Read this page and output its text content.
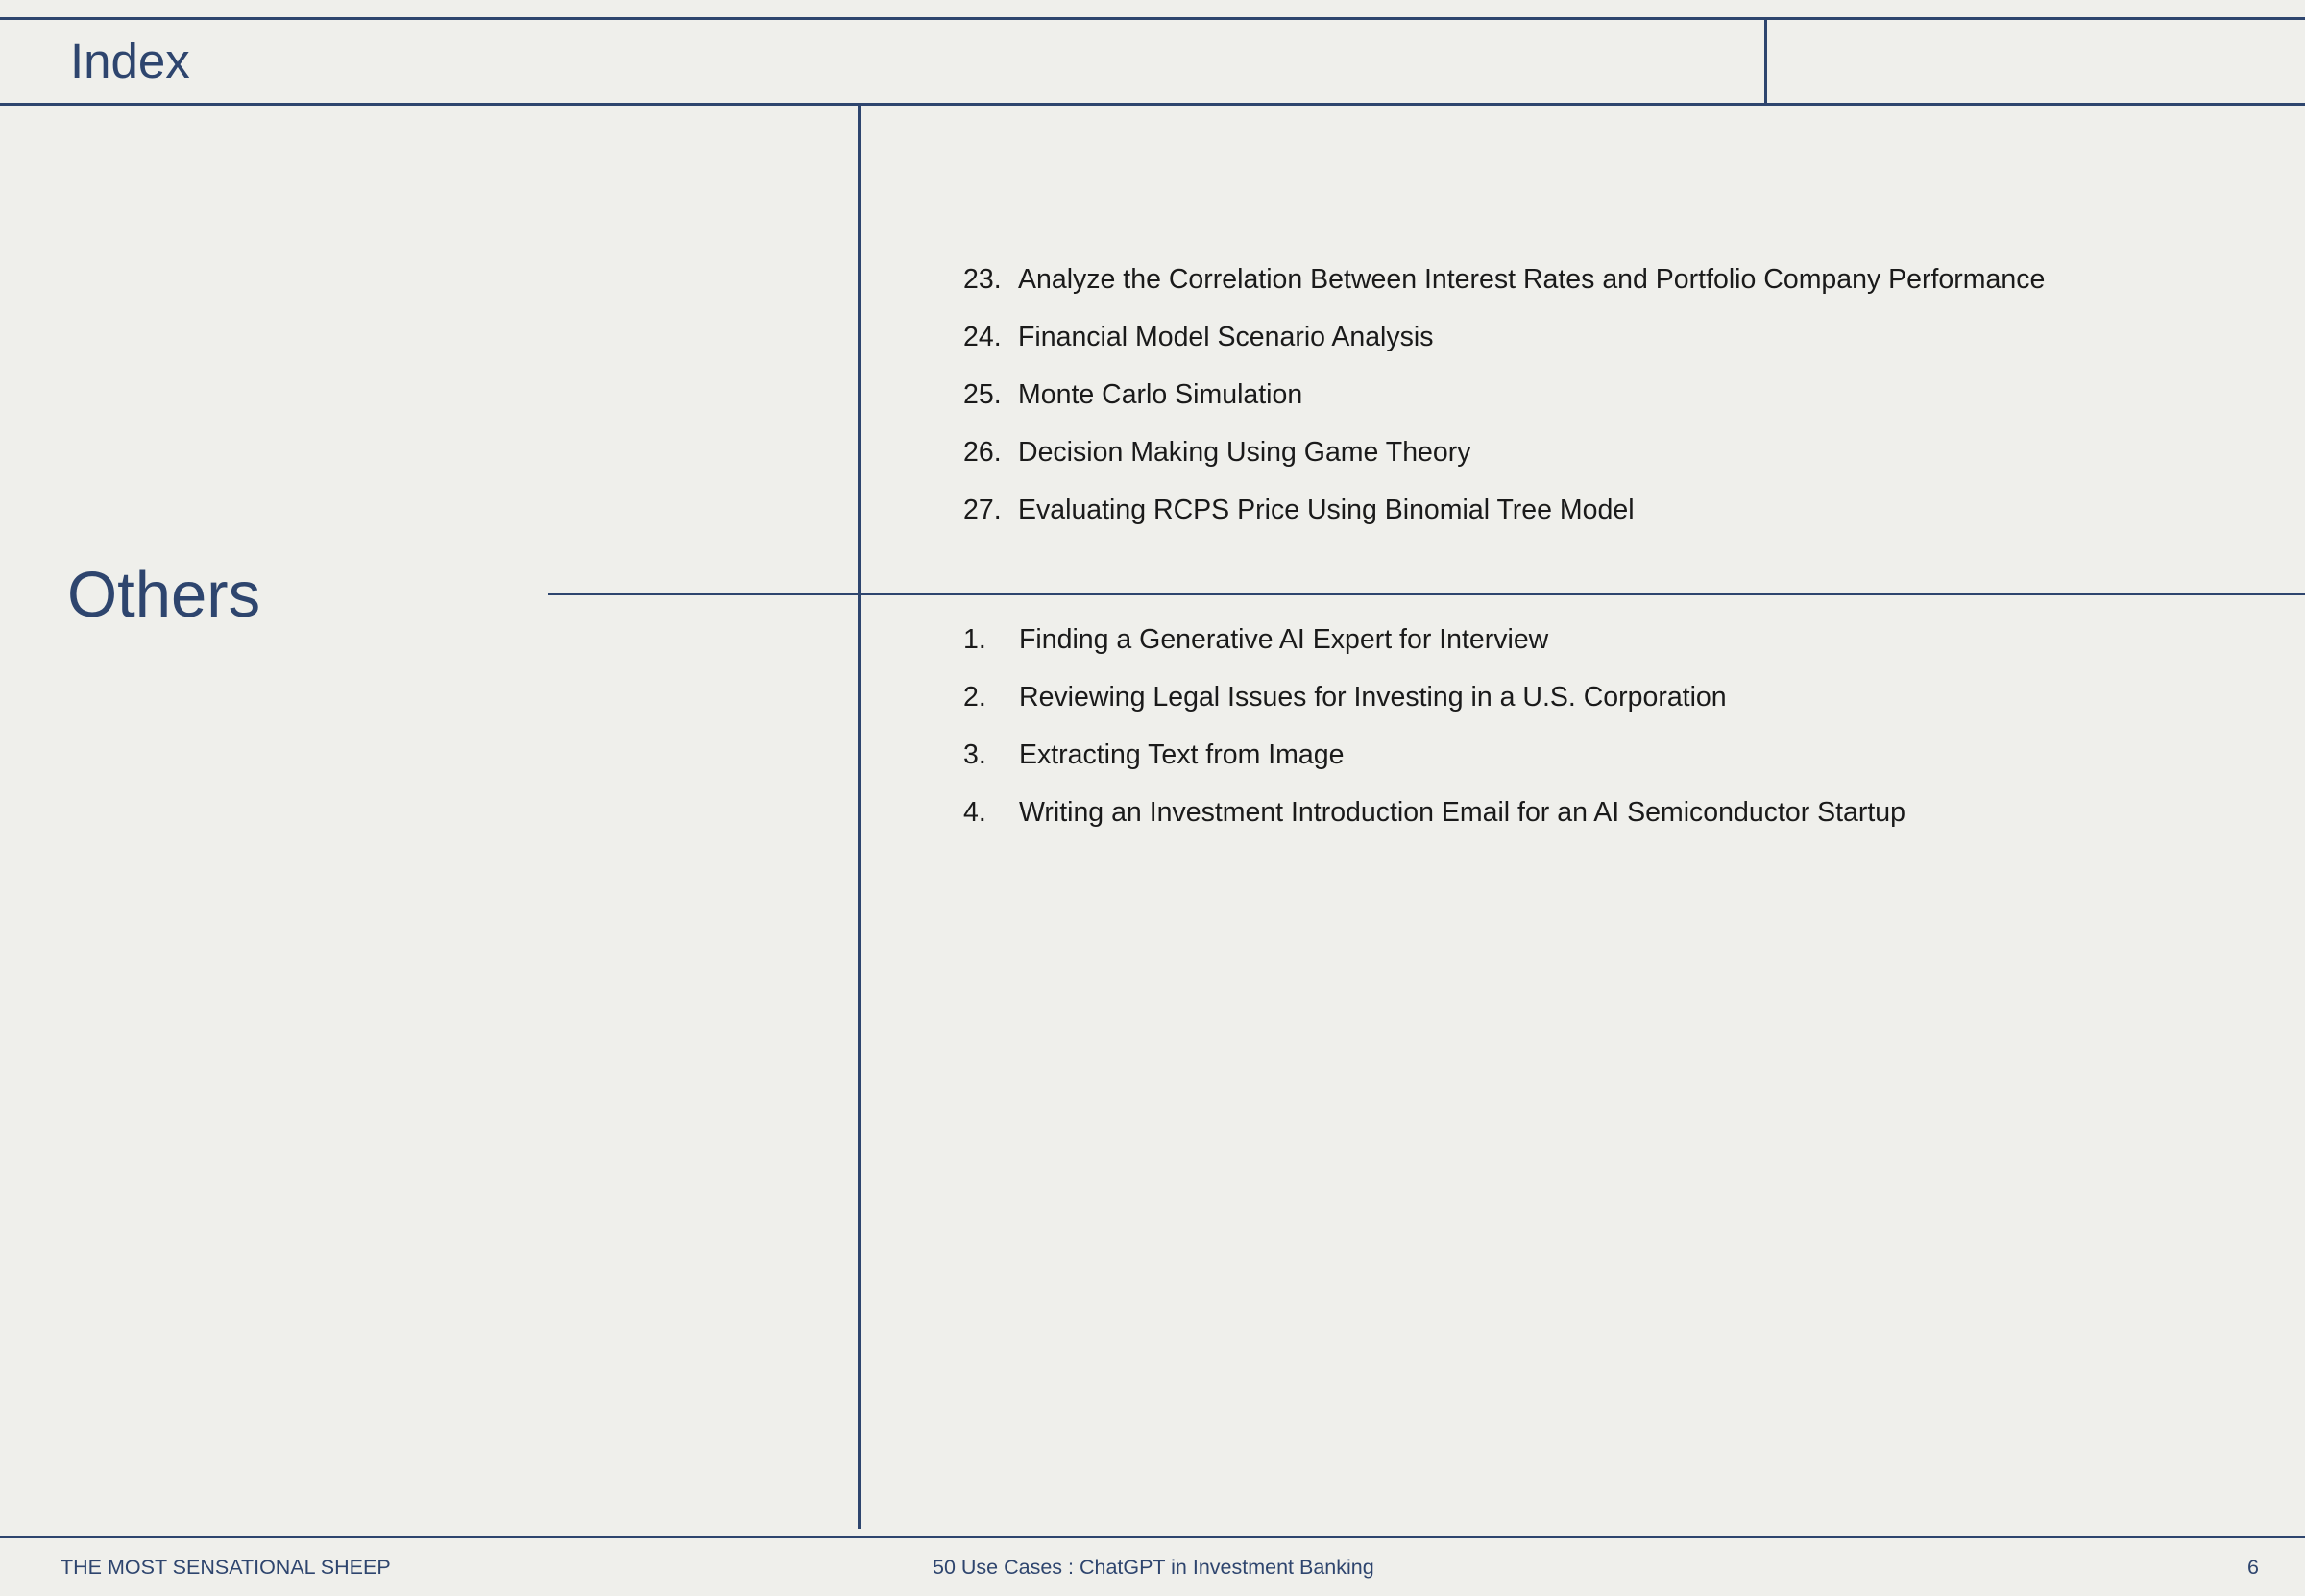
Index
Others
23. Analyze the Correlation Between Interest Rates and Portfolio Company Performance
24. Financial Model Scenario Analysis
25. Monte Carlo Simulation
26. Decision Making Using Game Theory
27. Evaluating RCPS Price Using Binomial Tree Model
1.	Finding a Generative AI Expert for Interview
2.	Reviewing Legal Issues for Investing in a U.S. Corporation
3.	Extracting Text from Image
4.	Writing an Investment Introduction Email for an AI Semiconductor Startup
THE MOST SENSATIONAL SHEEP	50 Use Cases : ChatGPT in Investment Banking	6
